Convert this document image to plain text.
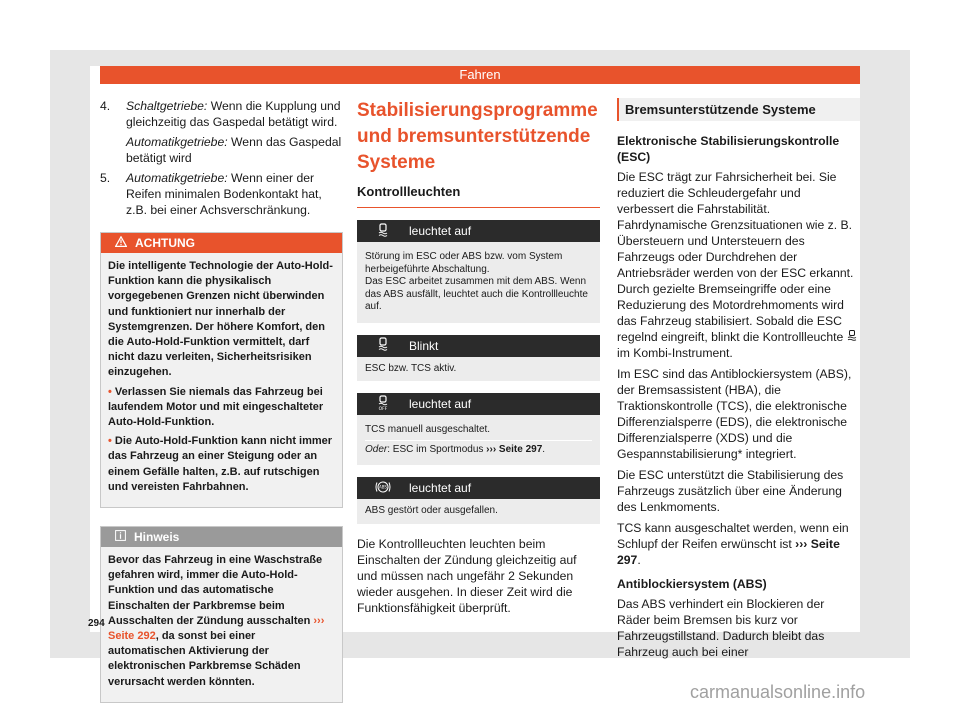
Fahren
4.	Schaltgetriebe: Wenn die Kupplung und gleichzeitig das Gaspedal betätigt wird.
Automatikgetriebe: Wenn das Gaspedal betätigt wird
5.	Automatikgetriebe: Wenn einer der Reifen minimalen Bodenkontakt hat, z.B. bei einer Achsverschränkung.
ACHTUNG

Die intelligente Technologie der Auto-Hold-Funktion kann die physikalisch vorgegebenen Grenzen nicht überwinden und funktioniert nur innerhalb der Systemgrenzen. Der höhere Komfort, den die Auto-Hold-Funktion vermittelt, darf nicht dazu verleiten, Sicherheitsrisiken einzugehen.

• Verlassen Sie niemals das Fahrzeug bei laufendem Motor und mit eingeschalteter Auto-Hold-Funktion.

• Die Auto-Hold-Funktion kann nicht immer das Fahrzeug an einer Steigung oder an einem Gefälle halten, z.B. auf rutschigen und vereisten Fahrbahnen.

Hinweis

Bevor das Fahrzeug in eine Waschstraße gefahren wird, immer die Auto-Hold-Funktion und das automatische Einschalten der Parkbremse beim Ausschalten der Zündung ausschalten ››› Seite 292, da sonst bei einer automatischen Aktivierung der elektronischen Parkbremse Schäden verursacht werden könnten.

Stabilisierungsprogramme und bremsunterstützende Systeme
Kontrollleuchten
leuchtet auf

Störung im ESC oder ABS bzw. vom System herbeigeführte Abschaltung.
Das ESC arbeitet zusammen mit dem ABS. Wenn das ABS ausfällt, leuchtet auch die Kontrollleuchte auf.

Blinkt
ESC bzw. TCS aktiv.
OFF leuchtet auf

TCS manuell ausgeschaltet.

Oder: ESC im Sportmodus ››› Seite 297.

ABS leuchtet auf
ABS gestört oder ausgefallen.

Die Kontrollleuchten leuchten beim Einschalten der Zündung gleichzeitig auf und müssen nach ungefähr 2 Sekunden wieder ausgehen. In dieser Zeit wird die Funktionsfähigkeit überprüft.

Bremsunterstützende Systeme
Elektronische Stabilisierungskontrolle (ESC)

Die ESC trägt zur Fahrsicherheit bei. Sie reduziert die Schleudergefahr und verbessert die Fahrstabilität. Fahrdynamische Grenzsituationen wie z. B. Übersteuern und Untersteuern des Fahrzeugs oder Durchdrehen der Antriebsräder werden von der ESC erkannt. Durch gezielte Bremseingriffe oder eine Reduzierung des Motordrehmoments wird das Fahrzeug stabilisiert. Sobald die ESC regelnd eingreift, blinkt die Kontrollleuchte  im Kombi-Instrument.

Im ESC sind das Antiblockiersystem (ABS), der Bremsassistent (HBA), die Traktionskontrolle (TCS), die elektronische Differenzialsperre (EDS), die elektronische Differenzialsperre (XDS) und die Gespannstabilisierung* integriert.

Die ESC unterstützt die Stabilisierung des Fahrzeugs zusätzlich über eine Änderung des Lenkmoments.

TCS kann ausgeschaltet werden, wenn ein Schlupf der Reifen erwünscht ist ››› Seite 297.

Antiblockiersystem (ABS)

Das ABS verhindert ein Blockieren der Räder beim Bremsen bis kurz vor Fahrzeugstillstand. Dadurch bleibt das Fahrzeug auch bei einer

294
carmanualsonline.info
